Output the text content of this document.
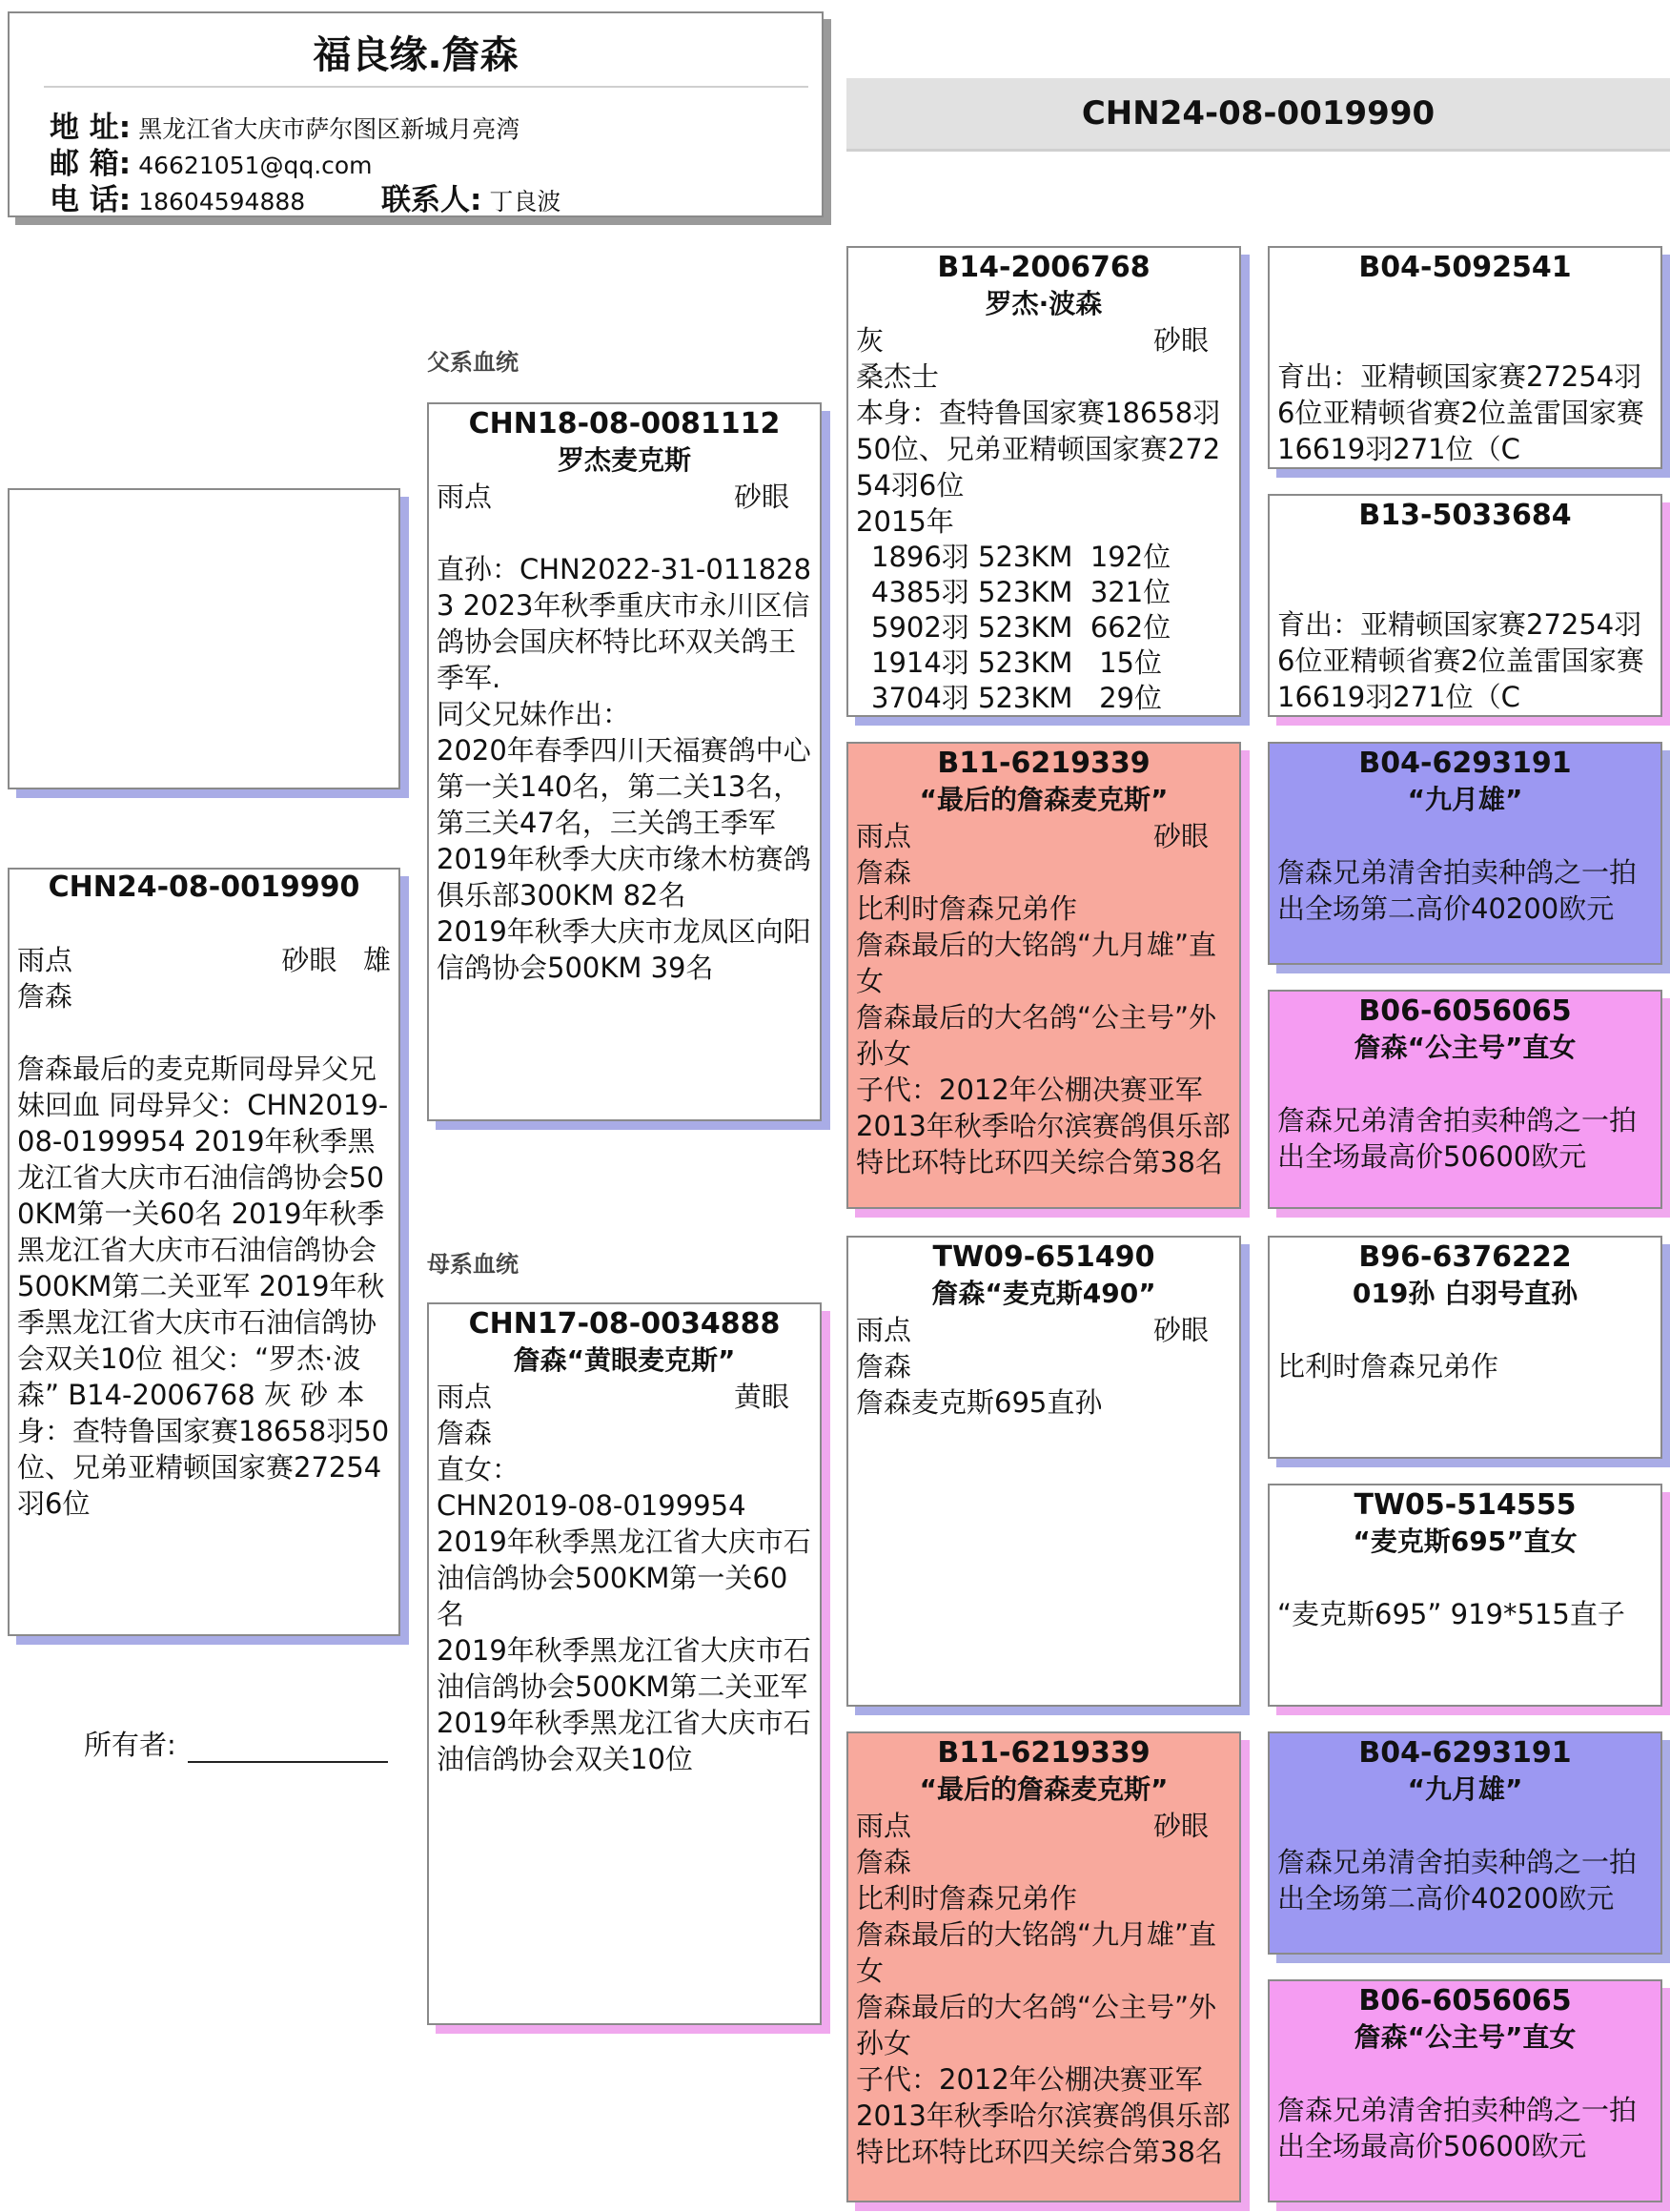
福良缘.詹森
地 址: 黑龙江省大庆市萨尔图区新城月亮湾
邮 箱: 46621051@qq.com
电 话: 18604594888	联系人: 丁良波
CHN24-08-0019990
CHN24-08-0019990
雨点	砂眼 雄
詹森
詹森最后的麦克斯同母异父兄妹回血 同母异父：CHN2019-08-0199954 2019年秋季黑龙江省大庆市石油信鸽协会500KM第一关60名 2019年秋季黑龙江省大庆市石油信鸽协会500KM第二关亚军 2019年秋季黑龙江省大庆市石油信鸽协会双关10位 祖父：“罗杰·波森” B14-2006768 灰 砂 本身：查特鲁国家赛18658羽50位、兄弟亚精顿国家赛27254羽6位
所有者:
父系血统
母系血统
CHN18-08-0081112
罗杰麦克斯
雨点	砂眼
直孙：CHN2022-31-0118283 2023年秋季重庆市永川区信鸽协会国庆杯特比环双关鸽王季军.
同父兄妹作出：
2020年春季四川天福赛鸽中心第一关140名，第二关13名，第三关47名，三关鸽王季军
2019年秋季大庆市缘木枋赛鸽俱乐部300KM 82名
2019年秋季大庆市龙凤区向阳信鸽协会500KM 39名
CHN17-08-0034888
詹森“黄眼麦克斯”
雨点	黄眼
詹森
直女：
CHN2019-08-0199954
2019年秋季黑龙江省大庆市石油信鸽协会500KM第一关60名
2019年秋季黑龙江省大庆市石油信鸽协会500KM第二关亚军
2019年秋季黑龙江省大庆市石油信鸽协会双关10位
B14-2006768
罗杰·波森
灰	砂眼
桑杰士
本身：查特鲁国家赛18658羽50位、兄弟亚精顿国家赛27254羽6位
2015年
1896羽 523KM  192位
4385羽 523KM  321位
5902羽 523KM  662位
1914羽 523KM   15位
3704羽 523KM   29位
B11-6219339
“最后的詹森麦克斯”
雨点	砂眼
詹森
比利时詹森兄弟作
詹森最后的大铭鸽“九月雄”直女
詹森最后的大名鸽“公主号”外孙女
子代：2012年公棚决赛亚军
2013年秋季哈尔滨赛鸽俱乐部特比环特比环四关综合第38名
TW09-651490
詹森“麦克斯490”
雨点	砂眼
詹森
詹森麦克斯695直孙
B11-6219339
“最后的詹森麦克斯”
雨点	砂眼
詹森
比利时詹森兄弟作
詹森最后的大铭鸽“九月雄”直女
詹森最后的大名鸽“公主号”外孙女
子代：2012年公棚决赛亚军
2013年秋季哈尔滨赛鸽俱乐部特比环特比环四关综合第38名
B04-5092541

育出：亚精顿国家赛27254羽6位亚精顿省赛2位盖雷国家赛16619羽271位（C
B13-5033684

育出：亚精顿国家赛27254羽6位亚精顿省赛2位盖雷国家赛16619羽271位（C
B04-6293191
“九月雄”
詹森兄弟清舍拍卖种鸽之一拍出全场第二高价40200欧元
B06-6056065
詹森“公主号”直女
詹森兄弟清舍拍卖种鸽之一拍出全场最高价50600欧元
B96-6376222
019孙 白羽号直孙
比利时詹森兄弟作
TW05-514555
“麦克斯695”直女
“麦克斯695” 919*515直子
B04-6293191
“九月雄”
詹森兄弟清舍拍卖种鸽之一拍出全场第二高价40200欧元
B06-6056065
詹森“公主号”直女
詹森兄弟清舍拍卖种鸽之一拍出全场最高价50600欧元
